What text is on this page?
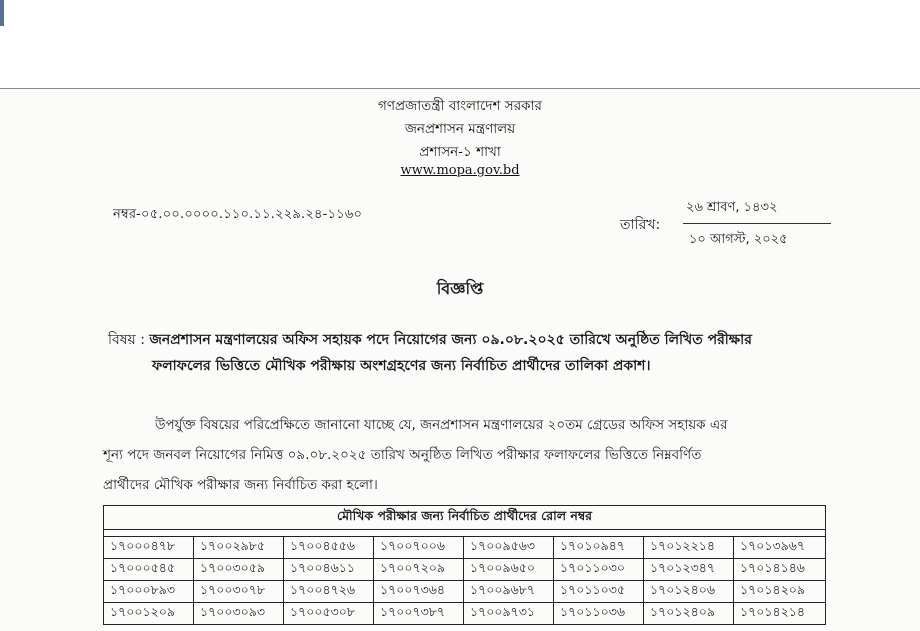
গণপ্রজাতন্ত্রী বাংলাদেশ সরকার
জনপ্রশাসন মন্ত্রণালয়
প্রশাসন-১ শাখা
www.mopa.gov.bd
নম্বর-০৫.০০.০০০০.১১০.১১.২২৯.২৪-১১৬০
তারিখ:
২৬ শ্রাবণ, ১৪৩২
১০ আগস্ট, ২০২৫
বিজ্ঞপ্তি
বিষয় : জনপ্রশাসন মন্ত্রণালয়ের অফিস সহায়ক পদে নিয়োগের জন্য ০৯.০৮.২০২৫ তারিখে অনুষ্ঠিত লিখিত পরীক্ষার
ফলাফলের ভিত্তিতে মৌখিক পরীক্ষায় অংশগ্রহণের জন্য নির্বাচিত প্রার্থীদের তালিকা প্রকাশ।
উপর্যুক্ত বিষয়ের পরিপ্রেক্ষিতে জানানো যাচ্ছে যে, জনপ্রশাসন মন্ত্রণালয়ের ২০তম গ্রেডের অফিস সহায়ক এর
শূন্য পদে জনবল নিয়োগের নিমিত্ত ০৯.০৮.২০২৫ তারিখ অনুষ্ঠিত লিখিত পরীক্ষার ফলাফলের ভিত্তিতে নিম্নবর্ণিত
প্রার্থীদের মৌখিক পরীক্ষার জন্য নির্বাচিত করা হলো।
মৌখিক পরীক্ষার জন্য নির্বাচিত প্রার্থীদের রোল নম্বর							

১৭০০০৪৭৮	১৭০০২৯৮৫	১৭০০৪৫৫৬	১৭০০৭০০৬	১৭০০৯৫৬৩	১৭০১০৯৪৭	১৭০১২২১৪	১৭০১৩৯৬৭
১৭০০০৫৪৫	১৭০০৩০৫৯	১৭০০৪৬১১	১৭০০৭২০৯	১৭০০৯৬৫০	১৭০১১০৩০	১৭০১২৩৪৭	১৭০১৪১৪৬
১৭০০০৮৯৩	১৭০০৩০৭৮	১৭০০৪৭২৬	১৭০০৭৩৬৪	১৭০০৯৬৮৭	১৭০১১০৩৫	১৭০১২৪০৬	১৭০১৪২০৯
১৭০০১২০৯	১৭০০৩০৯৩	১৭০০৫৩০৮	১৭০০৭৩৮৭	১৭০০৯৭৩১	১৭০১১০৩৬	১৭০১২৪০৯	১৭০১৪২১৪
